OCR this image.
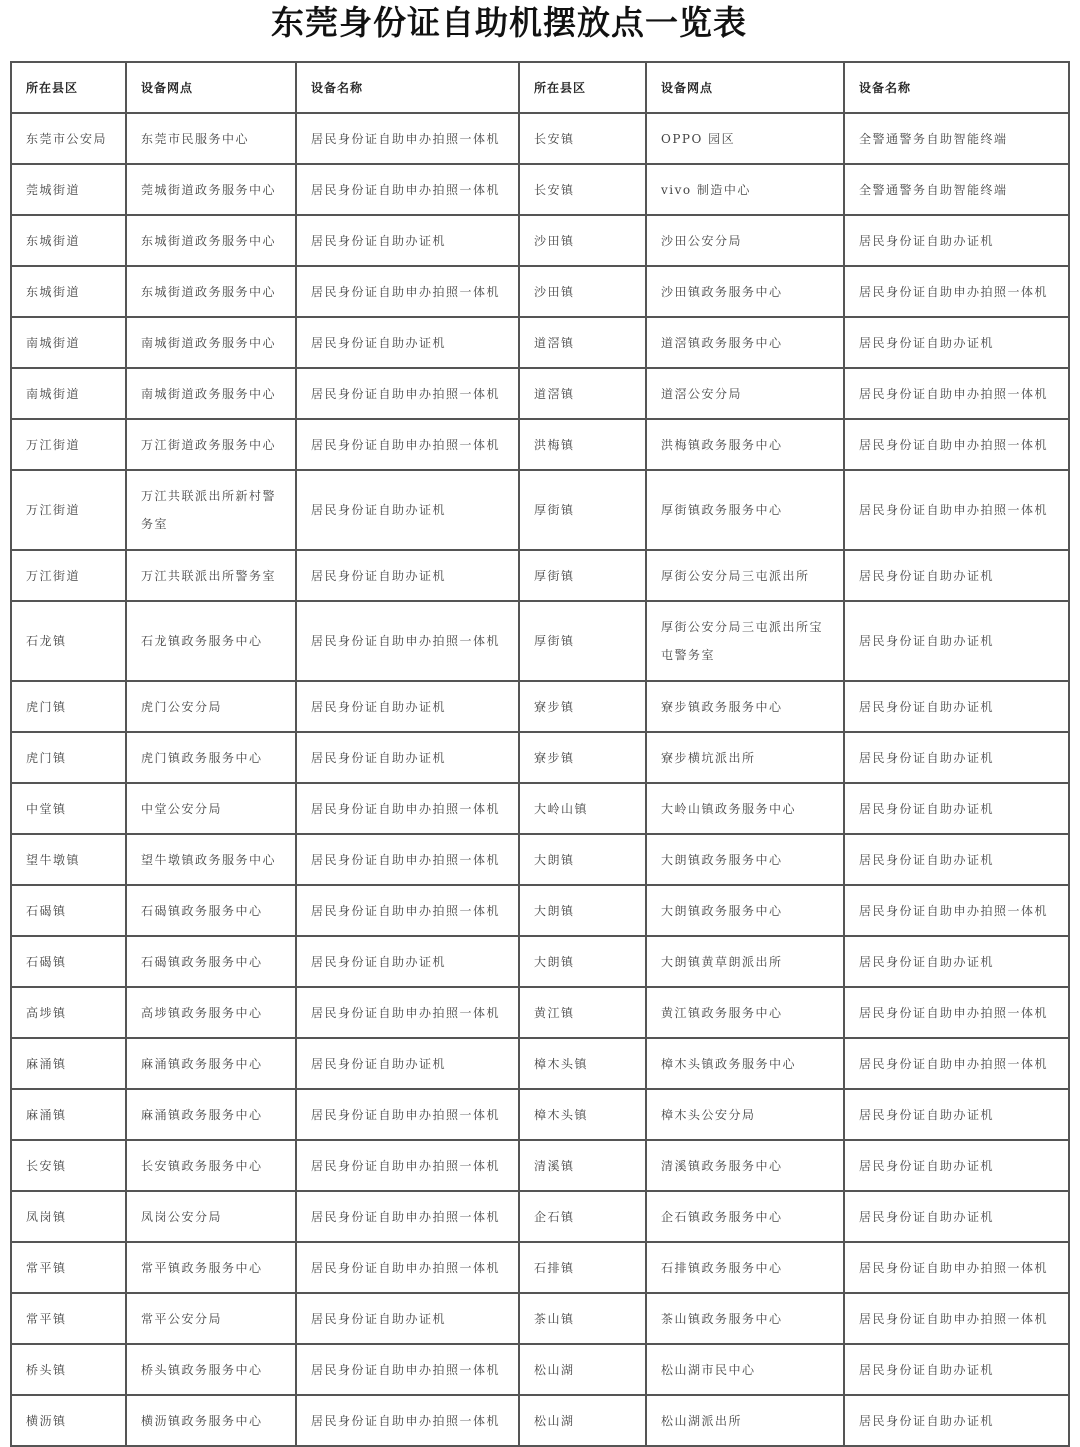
东莞身份证自助机摆放点一览表
所在县区	设备网点	设备名称	所在县区	设备网点	设备名称

东莞市公安局	东莞市民服务中心	居民身份证自助申办拍照一体机	长安镇	OPPO 园区	全警通警务自助智能终端

莞城街道	莞城街道政务服务中心	居民身份证自助申办拍照一体机	长安镇	vivo 制造中心	全警通警务自助智能终端

东城街道	东城街道政务服务中心	居民身份证自助办证机	沙田镇	沙田公安分局	居民身份证自助办证机

东城街道	东城街道政务服务中心	居民身份证自助申办拍照一体机	沙田镇	沙田镇政务服务中心	居民身份证自助申办拍照一体机

南城街道	南城街道政务服务中心	居民身份证自助办证机	道滘镇	道滘镇政务服务中心	居民身份证自助办证机

南城街道	南城街道政务服务中心	居民身份证自助申办拍照一体机	道滘镇	道滘公安分局	居民身份证自助申办拍照一体机

万江街道	万江街道政务服务中心	居民身份证自助申办拍照一体机	洪梅镇	洪梅镇政务服务中心	居民身份证自助申办拍照一体机

万江街道	万江共联派出所新村警务室	居民身份证自助办证机	厚街镇	厚街镇政务服务中心	居民身份证自助申办拍照一体机

万江街道	万江共联派出所警务室	居民身份证自助办证机	厚街镇	厚街公安分局三屯派出所	居民身份证自助办证机

石龙镇	石龙镇政务服务中心	居民身份证自助申办拍照一体机	厚街镇	厚街公安分局三屯派出所宝屯警务室	居民身份证自助办证机

虎门镇	虎门公安分局	居民身份证自助办证机	寮步镇	寮步镇政务服务中心	居民身份证自助办证机

虎门镇	虎门镇政务服务中心	居民身份证自助办证机	寮步镇	寮步横坑派出所	居民身份证自助办证机

中堂镇	中堂公安分局	居民身份证自助申办拍照一体机	大岭山镇	大岭山镇政务服务中心	居民身份证自助办证机

望牛墩镇	望牛墩镇政务服务中心	居民身份证自助申办拍照一体机	大朗镇	大朗镇政务服务中心	居民身份证自助办证机

石碣镇	石碣镇政务服务中心	居民身份证自助申办拍照一体机	大朗镇	大朗镇政务服务中心	居民身份证自助申办拍照一体机

石碣镇	石碣镇政务服务中心	居民身份证自助办证机	大朗镇	大朗镇黄草朗派出所	居民身份证自助办证机

高埗镇	高埗镇政务服务中心	居民身份证自助申办拍照一体机	黄江镇	黄江镇政务服务中心	居民身份证自助申办拍照一体机

麻涌镇	麻涌镇政务服务中心	居民身份证自助办证机	樟木头镇	樟木头镇政务服务中心	居民身份证自助申办拍照一体机

麻涌镇	麻涌镇政务服务中心	居民身份证自助申办拍照一体机	樟木头镇	樟木头公安分局	居民身份证自助办证机

长安镇	长安镇政务服务中心	居民身份证自助申办拍照一体机	清溪镇	清溪镇政务服务中心	居民身份证自助办证机

凤岗镇	凤岗公安分局	居民身份证自助申办拍照一体机	企石镇	企石镇政务服务中心	居民身份证自助办证机

常平镇	常平镇政务服务中心	居民身份证自助申办拍照一体机	石排镇	石排镇政务服务中心	居民身份证自助申办拍照一体机

常平镇	常平公安分局	居民身份证自助办证机	茶山镇	茶山镇政务服务中心	居民身份证自助申办拍照一体机

桥头镇	桥头镇政务服务中心	居民身份证自助申办拍照一体机	松山湖	松山湖市民中心	居民身份证自助办证机

横沥镇	横沥镇政务服务中心	居民身份证自助申办拍照一体机	松山湖	松山湖派出所	居民身份证自助办证机
